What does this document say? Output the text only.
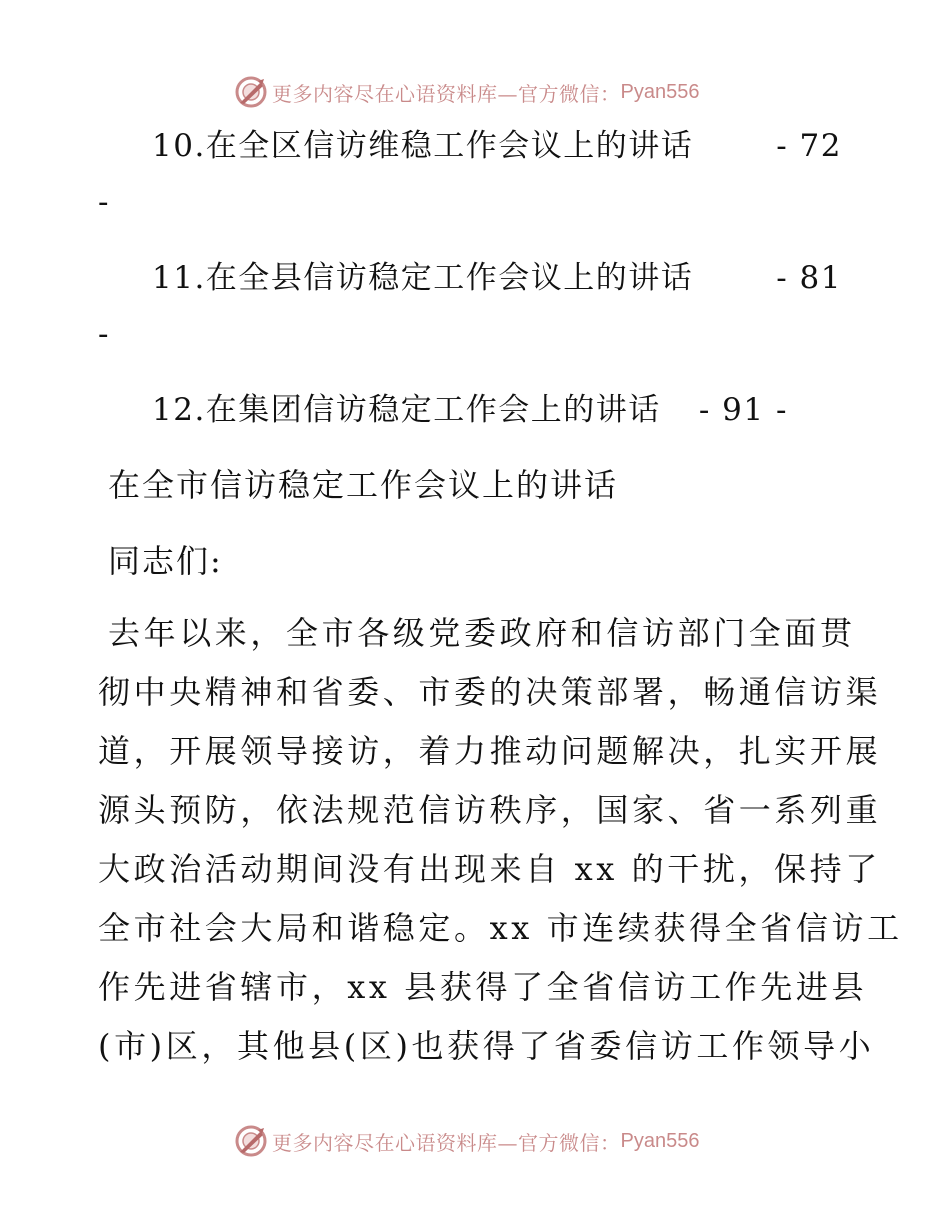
更多内容尽在心语资料库—官方微信： Pyan556
10.在全区信访维稳工作会议上的讲话	- 72
-
11.在全县信访稳定工作会议上的讲话	- 81
-
12.在集团信访稳定工作会上的讲话 - 91 -
在全市信访稳定工作会议上的讲话
同志们:
去年以来，全市各级党委政府和信访部门全面贯
彻中央精神和省委、市委的决策部署，畅通信访渠
道，开展领导接访，着力推动问题解决，扎实开展
源头预防，依法规范信访秩序，国家、省一系列重
大政治活动期间没有出现来自 xx 的干扰，保持了
全市社会大局和谐稳定。xx 市连续获得全省信访工
作先进省辖市，xx 县获得了全省信访工作先进县
(市)区，其他县(区)也获得了省委信访工作领导小
更多内容尽在心语资料库—官方微信： Pyan556
